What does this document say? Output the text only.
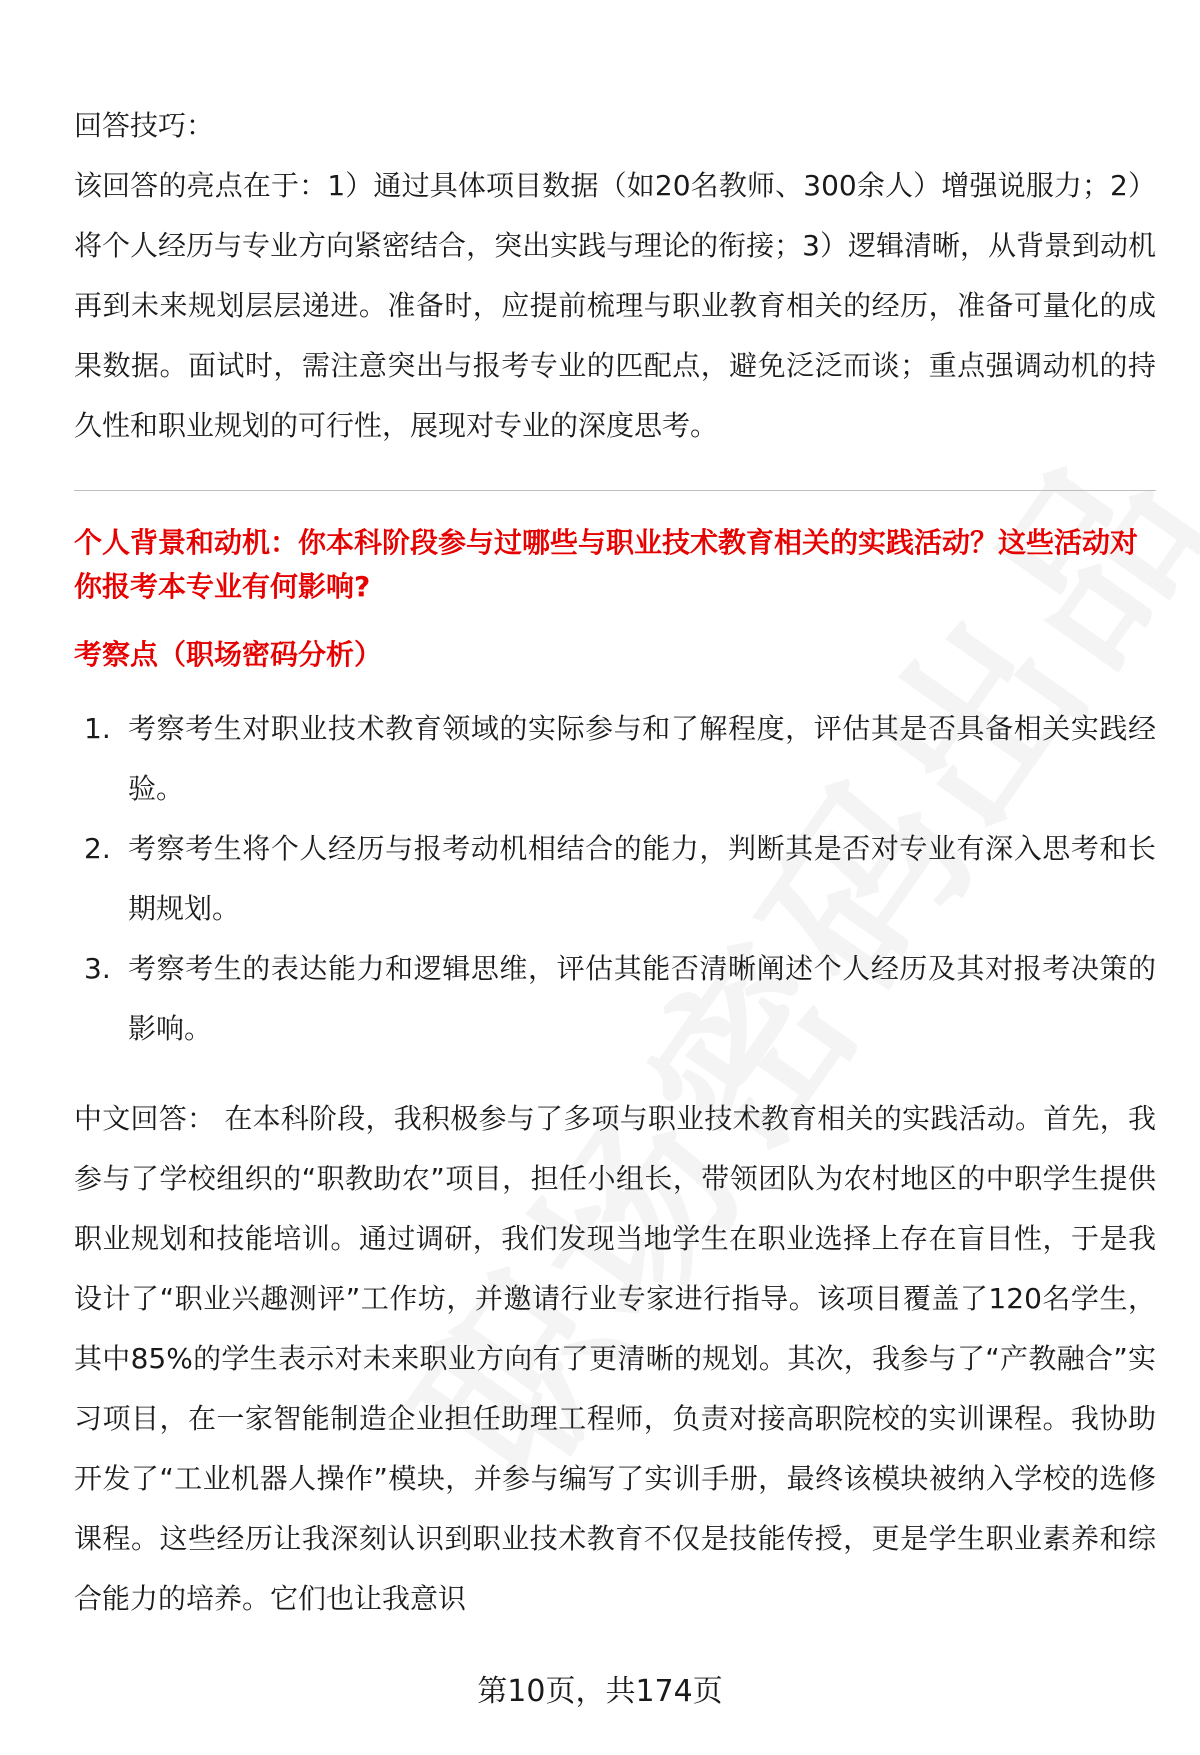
回答技巧：

该回答的亮点在于：1）通过具体项目数据（如20名教师、300余人）增强说服力；2）将个人经历与专业方向紧密结合，突出实践与理论的衔接；3）逻辑清晰，从背景到动机再到未来规划层层递进。准备时，应提前梳理与职业教育相关的经历，准备可量化的成果数据。面试时，需注意突出与报考专业的匹配点，避免泛泛而谈；重点强调动机的持久性和职业规划的可行性，展现对专业的深度思考。

个人背景和动机：你本科阶段参与过哪些与职业技术教育相关的实践活动？这些活动对你报考本专业有何影响?

考察点（职场密码分析）

1. 考察考生对职业技术教育领域的实际参与和了解程度，评估其是否具备相关实践经验。
2. 考察考生将个人经历与报考动机相结合的能力，判断其是否对专业有深入思考和长期规划。
3. 考察考生的表达能力和逻辑思维，评估其能否清晰阐述个人经历及其对报考决策的影响。

中文回答： 在本科阶段，我积极参与了多项与职业技术教育相关的实践活动。首先，我参与了学校组织的“职教助农”项目，担任小组长，带领团队为农村地区的中职学生提供职业规划和技能培训。通过调研，我们发现当地学生在职业选择上存在盲目性，于是我设计了“职业兴趣测评”工作坊，并邀请行业专家进行指导。该项目覆盖了120名学生，其中85%的学生表示对未来职业方向有了更清晰的规划。其次，我参与了“产教融合”实习项目，在一家智能制造企业担任助理工程师，负责对接高职院校的实训课程。我协助开发了“工业机器人操作”模块，并参与编写了实训手册，最终该模块被纳入学校的选修课程。这些经历让我深刻认识到职业技术教育不仅是技能传授，更是学生职业素养和综合能力的培养。它们也让我意识

第10页，共174页
